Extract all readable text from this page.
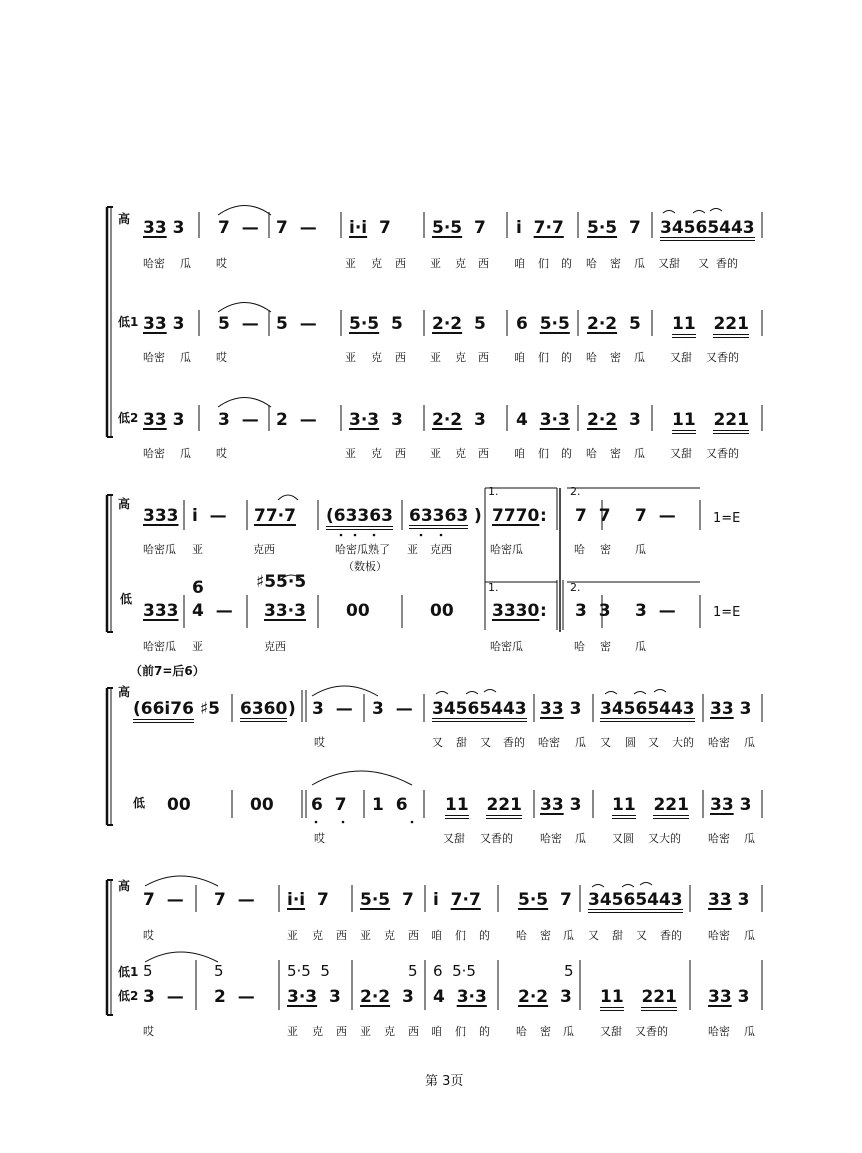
高 33 3 7 — 7 — i·i 7 5·5 7 i 7·7 5·5 7 34565443
哈密 瓜 哎	亚 克 西 亚 克 西 咱 们 的 哈 密 瓜 又甜 又 香的
低1 33 3 5 — 5 — 5·5 5 2·2 5 6 5·5 2·2 5 11 221
哈密 瓜 哎	亚 克 西 亚 克 西 咱 们 的 哈 密 瓜 又甜 又香的
低2 33 3 3 — 2 — 3·3 3 2·2 3 4 3·3 2·2 3 11 221
哈密 瓜 哎	亚 克 西 亚 克 西 咱 们 的 哈 密 瓜 又甜 又香的
高
333 i — 77·7 (63363 63363 ) 7770 : 7 7 7 —	1=E
1.	2.
哈密瓜 亚	克西	哈密瓜熟了 亚 克西	哈密瓜	哈 密 瓜
（数板）
6	♯55·5
低
333 4 — 33·3 00	00 3330 : 3 3 3 —	1=E
1.	2.
哈密瓜 亚	克西	哈密瓜	哈 密 瓜
（前7=后6）
高
(66i76 ♯5 6360 ) 3 — 3 — 34565443 33 3 34565443 33 3
哎	又 甜 又 香的 哈密 瓜 又 圆 又 大的 哈密 瓜
低 00	00 6 7 1 6 11 221 33 3 11 221 33 3
哎	又甜 又香的 哈密 瓜 又圆 又大的 哈密 瓜
高
7 — 7 — i·i 7 5·5 7 i 7·7 5·5 7 34565443 33 3
哎	亚 克 西 亚 克 西 咱 们 的 哈 密 瓜 又 甜 又 香的 哈密 瓜
低1 5	5	5·5 5	5 6 5·5	5
低2 3 — 2 — 3·3 3 2·2 3 4 3·3 2·2 3 11 221 33 3
哎	亚 克 西 亚 克 西 咱 们 的 哈 密 瓜 又甜 又香的	哈密 瓜
第 3页
